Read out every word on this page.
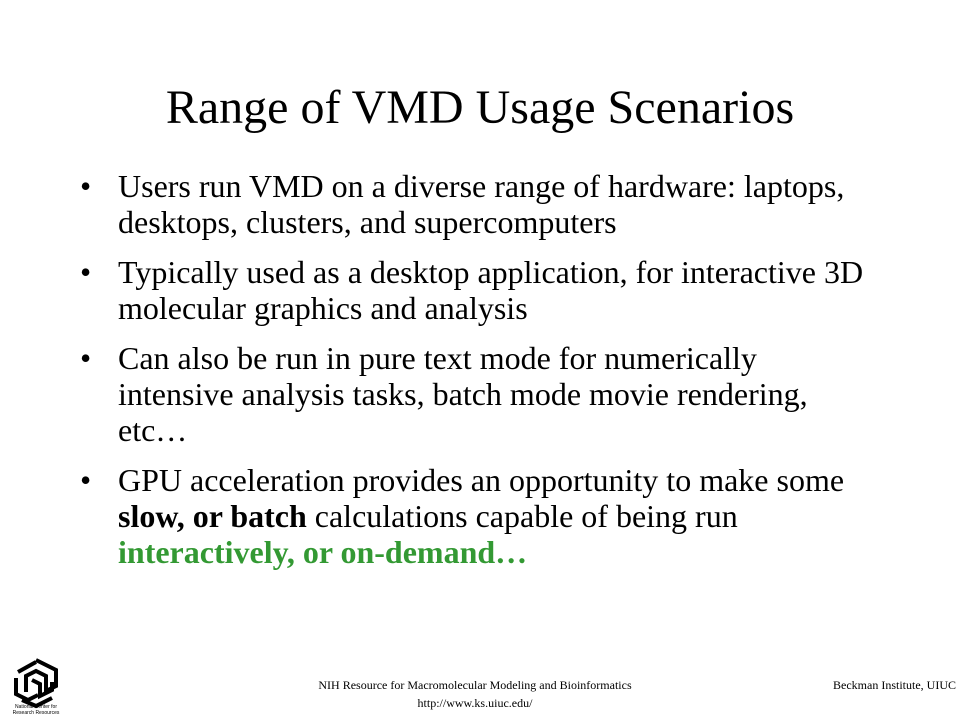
Range of VMD Usage Scenarios
• Users run VMD on a diverse range of hardware: laptops, desktops, clusters, and supercomputers
• Typically used as a desktop application, for interactive 3D molecular graphics and analysis
• Can also be run in pure text mode for numerically intensive analysis tasks, batch mode movie rendering, etc…
• GPU acceleration provides an opportunity to make some slow, or batch calculations capable of being run interactively, or on-demand…
National Center for
Research Resources
NIH Resource for Macromolecular Modeling and Bioinformatics
http://www.ks.uiuc.edu/
Beckman Institute, UIUC
